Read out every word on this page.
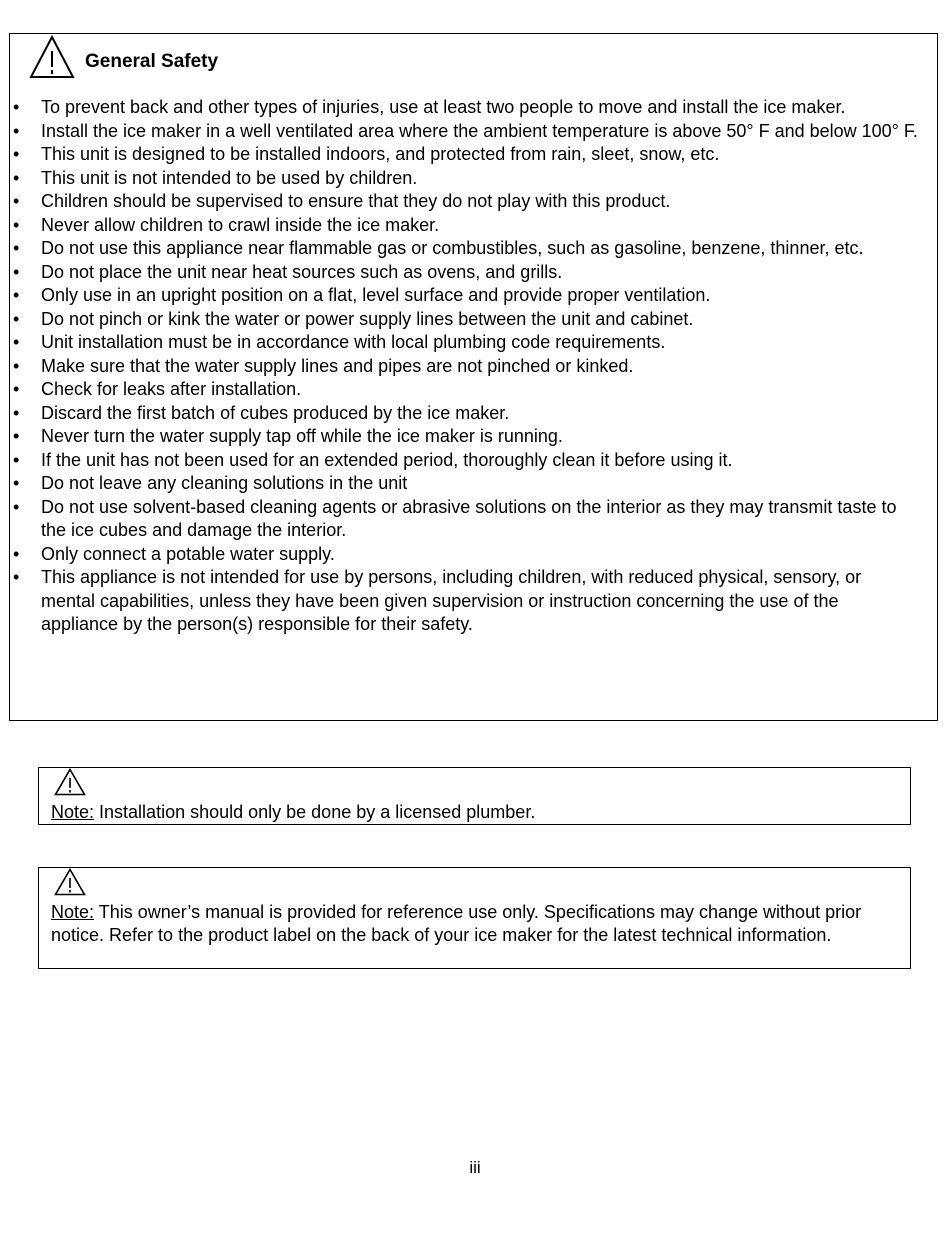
General Safety
• To prevent back and other types of injuries, use at least two people to move and install the ice maker.
• Install the ice maker in a well ventilated area where the ambient temperature is above 50° F and below 100° F.
• This unit is designed to be installed indoors, and protected from rain, sleet, snow, etc.
• This unit is not intended to be used by children.
• Children should be supervised to ensure that they do not play with this product.
• Never allow children to crawl inside the ice maker.
• Do not use this appliance near flammable gas or combustibles, such as gasoline, benzene, thinner, etc.
• Do not place the unit near heat sources such as ovens, and grills.
• Only use in an upright position on a flat, level surface and provide proper ventilation.
• Do not pinch or kink the water or power supply lines between the unit and cabinet.
• Unit installation must be in accordance with local plumbing code requirements.
• Make sure that the water supply lines and pipes are not pinched or kinked.
• Check for leaks after installation.
• Discard the first batch of cubes produced by the ice maker.
• Never turn the water supply tap off while the ice maker is running.
• If the unit has not been used for an extended period, thoroughly clean it before using it.
• Do not leave any cleaning solutions in the unit
• Do not use solvent-based cleaning agents or abrasive solutions on the interior as they may transmit taste to the ice cubes and damage the interior.
• Only connect a potable water supply.
• This appliance is not intended for use by persons, including children, with reduced physical, sensory, or mental capabilities, unless they have been given supervision or instruction concerning the use of the appliance by the person(s) responsible for their safety.

Note: Installation should only be done by a licensed plumber.

Note: This owner’s manual is provided for reference use only. Specifications may change without prior notice. Refer to the product label on the back of your ice maker for the latest technical information.

iii
